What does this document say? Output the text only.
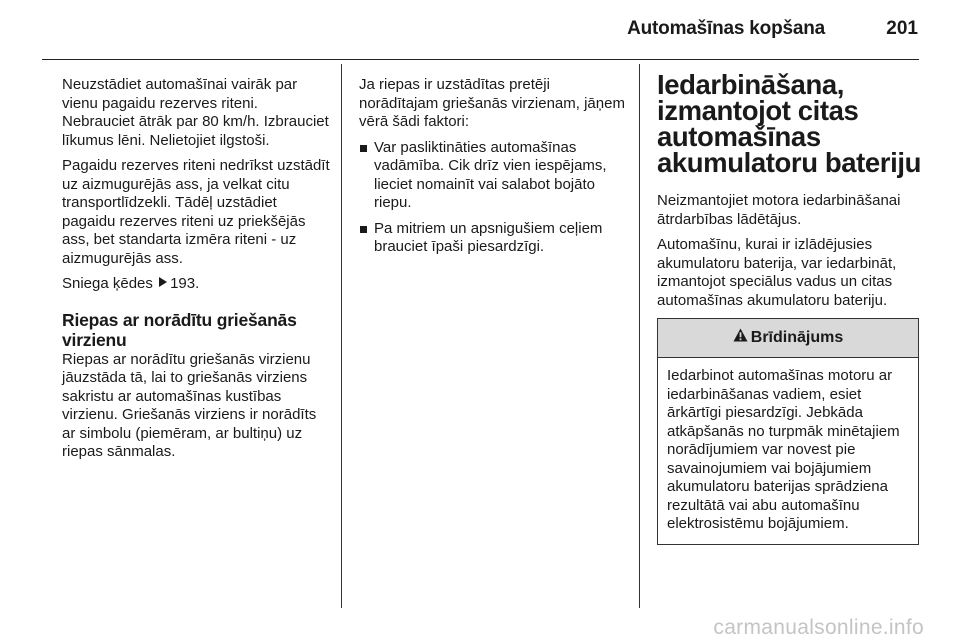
Automašīnas kopšana	201

Neuzstādiet automašīnai vairāk par vienu pagaidu rezerves riteni. Nebrauciet ātrāk par 80 km/h. Izbrauciet līkumus lēni. Nelietojiet ilgstoši.

Pagaidu rezerves riteni nedrīkst uzstādīt uz aizmugurējās ass, ja velkat citu transportlīdzekli. Tādēļ uzstādiet pagaidu rezerves riteni uz priekšējās ass, bet standarta izmēra riteni - uz aizmugurējās ass.

Sniega ķēdes 193.

Riepas ar norādītu griešanās virzienu

Riepas ar norādītu griešanās virzienu jāuzstāda tā, lai to griešanās virziens sakristu ar automašīnas kustības virzienu. Griešanās virziens ir norādīts ar simbolu (piemēram, ar bultiņu) uz riepas sānmalas.

Ja riepas ir uzstādītas pretēji norādītajam griešanās virzienam, jāņem vērā šādi faktori:

Var pasliktināties automašīnas vadāmība. Cik drīz vien iespējams, lieciet nomainīt vai salabot bojāto riepu.
Pa mitriem un apsnigušiem ceļiem brauciet īpaši piesardzīgi.
Iedarbināšana, izmantojot citas automašīnas akumulatoru bateriju

Neizmantojiet motora iedarbināšanai ātrdarbības lādētājus.

Automašīnu, kurai ir izlādējusies akumulatoru baterija, var iedarbināt, izmantojot speciālus vadus un citas automašīnas akumulatoru bateriju.

Brīdinājums
Iedarbinot automašīnas motoru ar iedarbināšanas vadiem, esiet ārkārtīgi piesardzīgi. Jebkāda atkāpšanās no turpmāk minētajiem norādījumiem var novest pie savainojumiem vai bojājumiem akumulatoru baterijas sprādziena rezultātā vai abu automašīnu elektrosistēmu bojājumiem.
carmanualsonline.info
